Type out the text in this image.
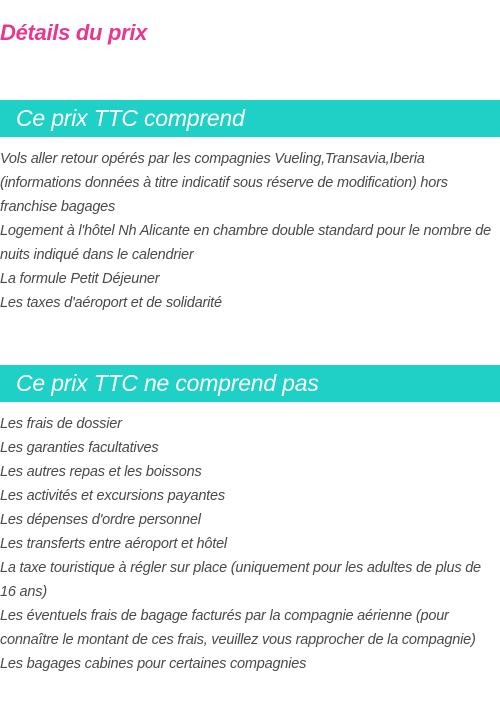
Détails du prix
Ce prix TTC comprend
Vols aller retour opérés par les compagnies Vueling,Transavia,Iberia (informations données à titre indicatif sous réserve de modification) hors franchise bagages
Logement à l'hôtel Nh Alicante en chambre double standard pour le nombre de nuits indiqué dans le calendrier
La formule Petit Déjeuner
Les taxes d'aéroport et de solidarité
Ce prix TTC ne comprend pas
Les frais de dossier
Les garanties facultatives
Les autres repas et les boissons
Les activités et excursions payantes
Les dépenses d'ordre personnel
Les transferts entre aéroport et hôtel
La taxe touristique à régler sur place (uniquement pour les adultes de plus de 16 ans)
Les éventuels frais de bagage facturés par la compagnie aérienne (pour connaître le montant de ces frais, veuillez vous rapprocher de la compagnie)
Les bagages cabines pour certaines compagnies
